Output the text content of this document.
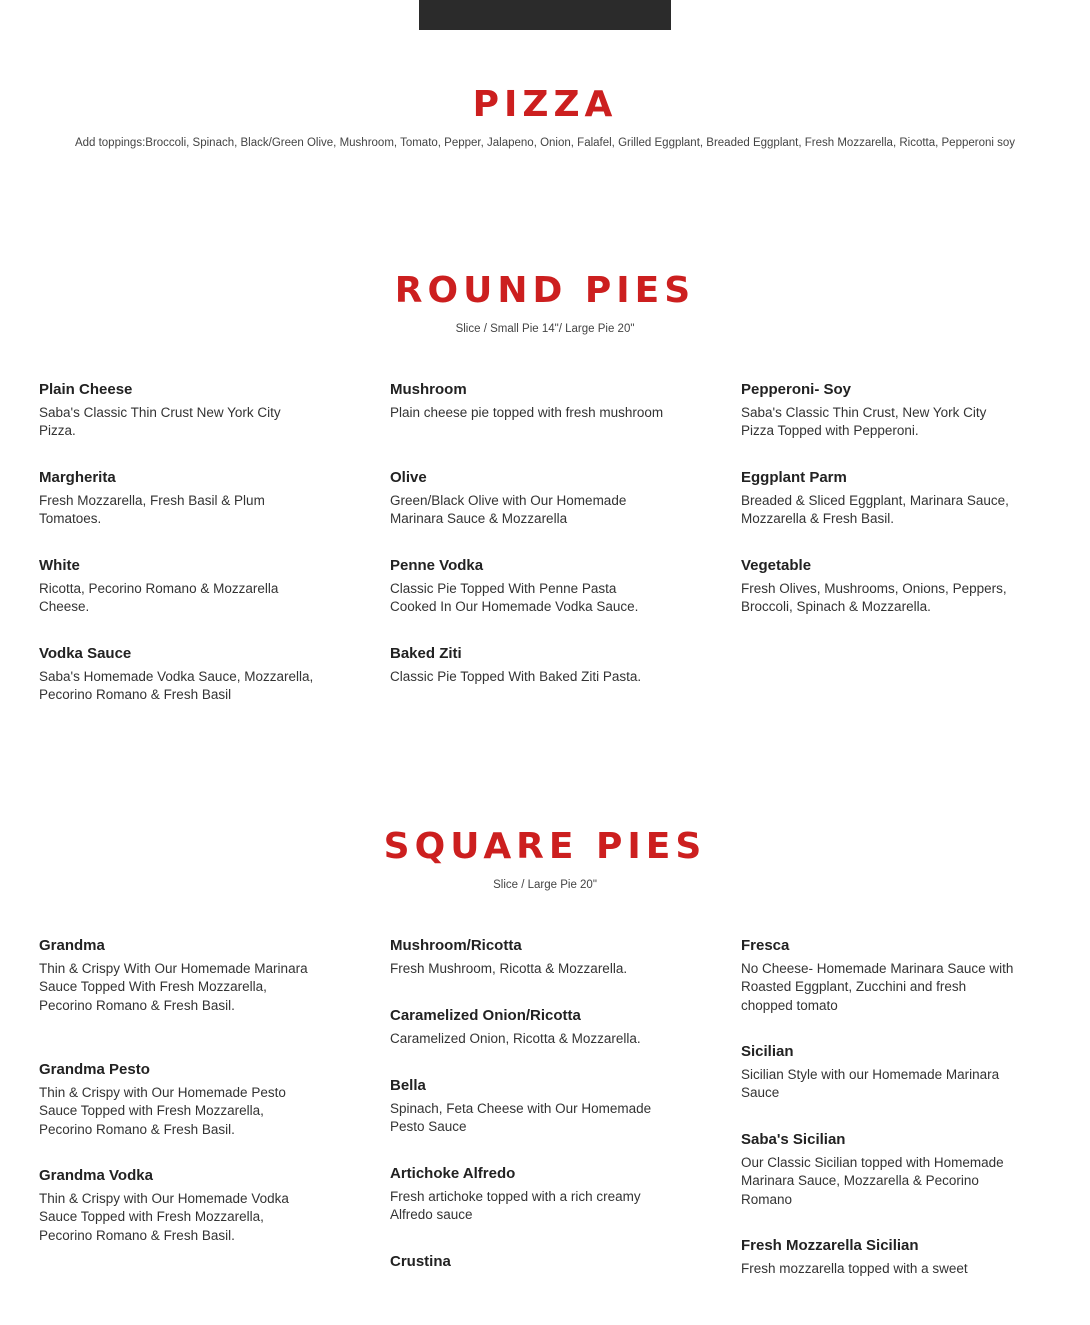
PIZZA
Add toppings:Broccoli, Spinach, Black/Green Olive, Mushroom, Tomato, Pepper, Jalapeno, Onion, Falafel, Grilled Eggplant, Breaded Eggplant, Fresh Mozzarella, Ricotta, Pepperoni soy
ROUND PIES
Slice / Small Pie 14"/ Large Pie 20"
Plain Cheese
Saba's Classic Thin Crust New York City Pizza.
Margherita
Fresh Mozzarella, Fresh Basil & Plum Tomatoes.
White
Ricotta, Pecorino Romano & Mozzarella Cheese.
Vodka Sauce
Saba's Homemade Vodka Sauce, Mozzarella, Pecorino Romano & Fresh Basil
Mushroom
Plain cheese pie topped with fresh mushroom
Olive
Green/Black Olive with Our Homemade Marinara Sauce & Mozzarella
Penne Vodka
Classic Pie Topped With Penne Pasta Cooked In Our Homemade Vodka Sauce.
Baked Ziti
Classic Pie Topped With Baked Ziti Pasta.
Pepperoni- Soy
Saba's Classic Thin Crust, New York City Pizza Topped with Pepperoni.
Eggplant Parm
Breaded & Sliced Eggplant, Marinara Sauce, Mozzarella & Fresh Basil.
Vegetable
Fresh Olives, Mushrooms, Onions, Peppers, Broccoli, Spinach & Mozzarella.
SQUARE PIES
Slice / Large Pie 20"
Grandma
Thin & Crispy With Our Homemade Marinara Sauce Topped With Fresh Mozzarella, Pecorino Romano & Fresh Basil.
Grandma Pesto
Thin & Crispy with Our Homemade Pesto Sauce Topped with Fresh Mozzarella, Pecorino Romano & Fresh Basil.
Grandma Vodka
Thin & Crispy with Our Homemade Vodka Sauce Topped with Fresh Mozzarella, Pecorino Romano & Fresh Basil.
Mushroom/Ricotta
Fresh Mushroom, Ricotta & Mozzarella.
Caramelized Onion/Ricotta
Caramelized Onion, Ricotta & Mozzarella.
Bella
Spinach, Feta Cheese with Our Homemade Pesto Sauce
Artichoke Alfredo
Fresh artichoke topped with a rich creamy Alfredo sauce
Crustina
Fresca
No Cheese- Homemade Marinara Sauce with Roasted Eggplant, Zucchini and fresh chopped tomato
Sicilian
Sicilian Style with our Homemade Marinara Sauce
Saba's Sicilian
Our Classic Sicilian topped with Homemade Marinara Sauce, Mozzarella & Pecorino Romano
Fresh Mozzarella Sicilian
Fresh mozzarella topped with a sweet
